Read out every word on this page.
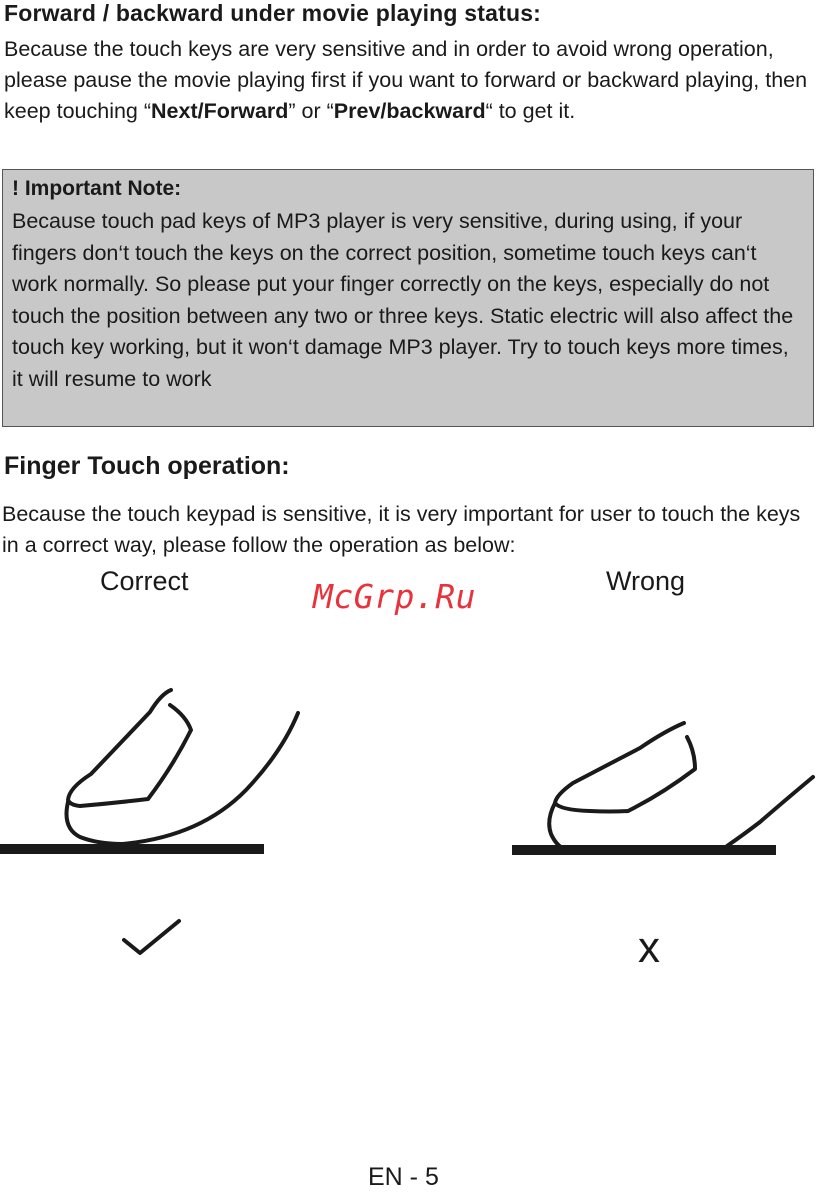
Forward / backward under movie playing status:
Because the touch keys are very sensitive and in order to avoid wrong operation, please pause the movie playing first if you want to forward or backward playing, then keep touching “Next/Forward” or “Prev/backward“ to get it.
! Important Note:
Because touch pad keys of MP3 player is very sensitive, during using, if your fingers don‘t touch the keys on the correct position, sometime touch keys can‘t work normally. So please put your finger correctly on the keys, especially do not touch the position between any two or three keys. Static electric will also affect the touch key working, but it won‘t damage MP3 player. Try to touch keys more times, it will resume to work
Finger Touch operation:
Because the touch keypad is sensitive, it is very important for user to touch the keys in a correct way, please follow the operation as below:
Correct	Wrong
McGrp.Ru
x
EN - 5
